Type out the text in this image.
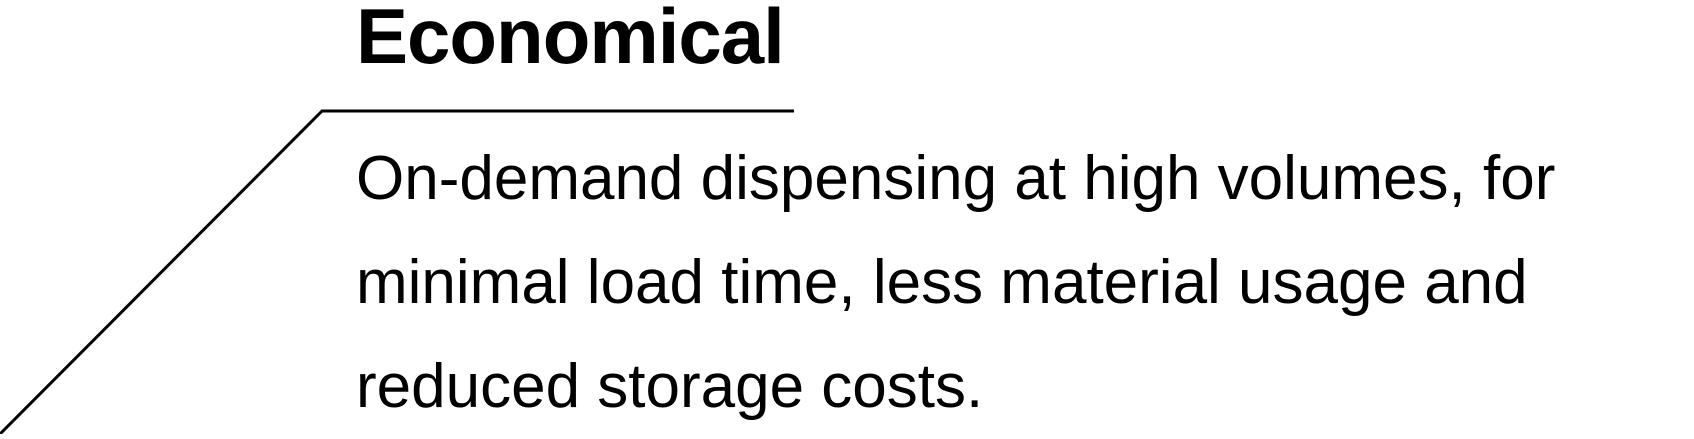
Economical

On-demand dispensing at high volumes, for minimal load time, less material usage and reduced storage costs.
